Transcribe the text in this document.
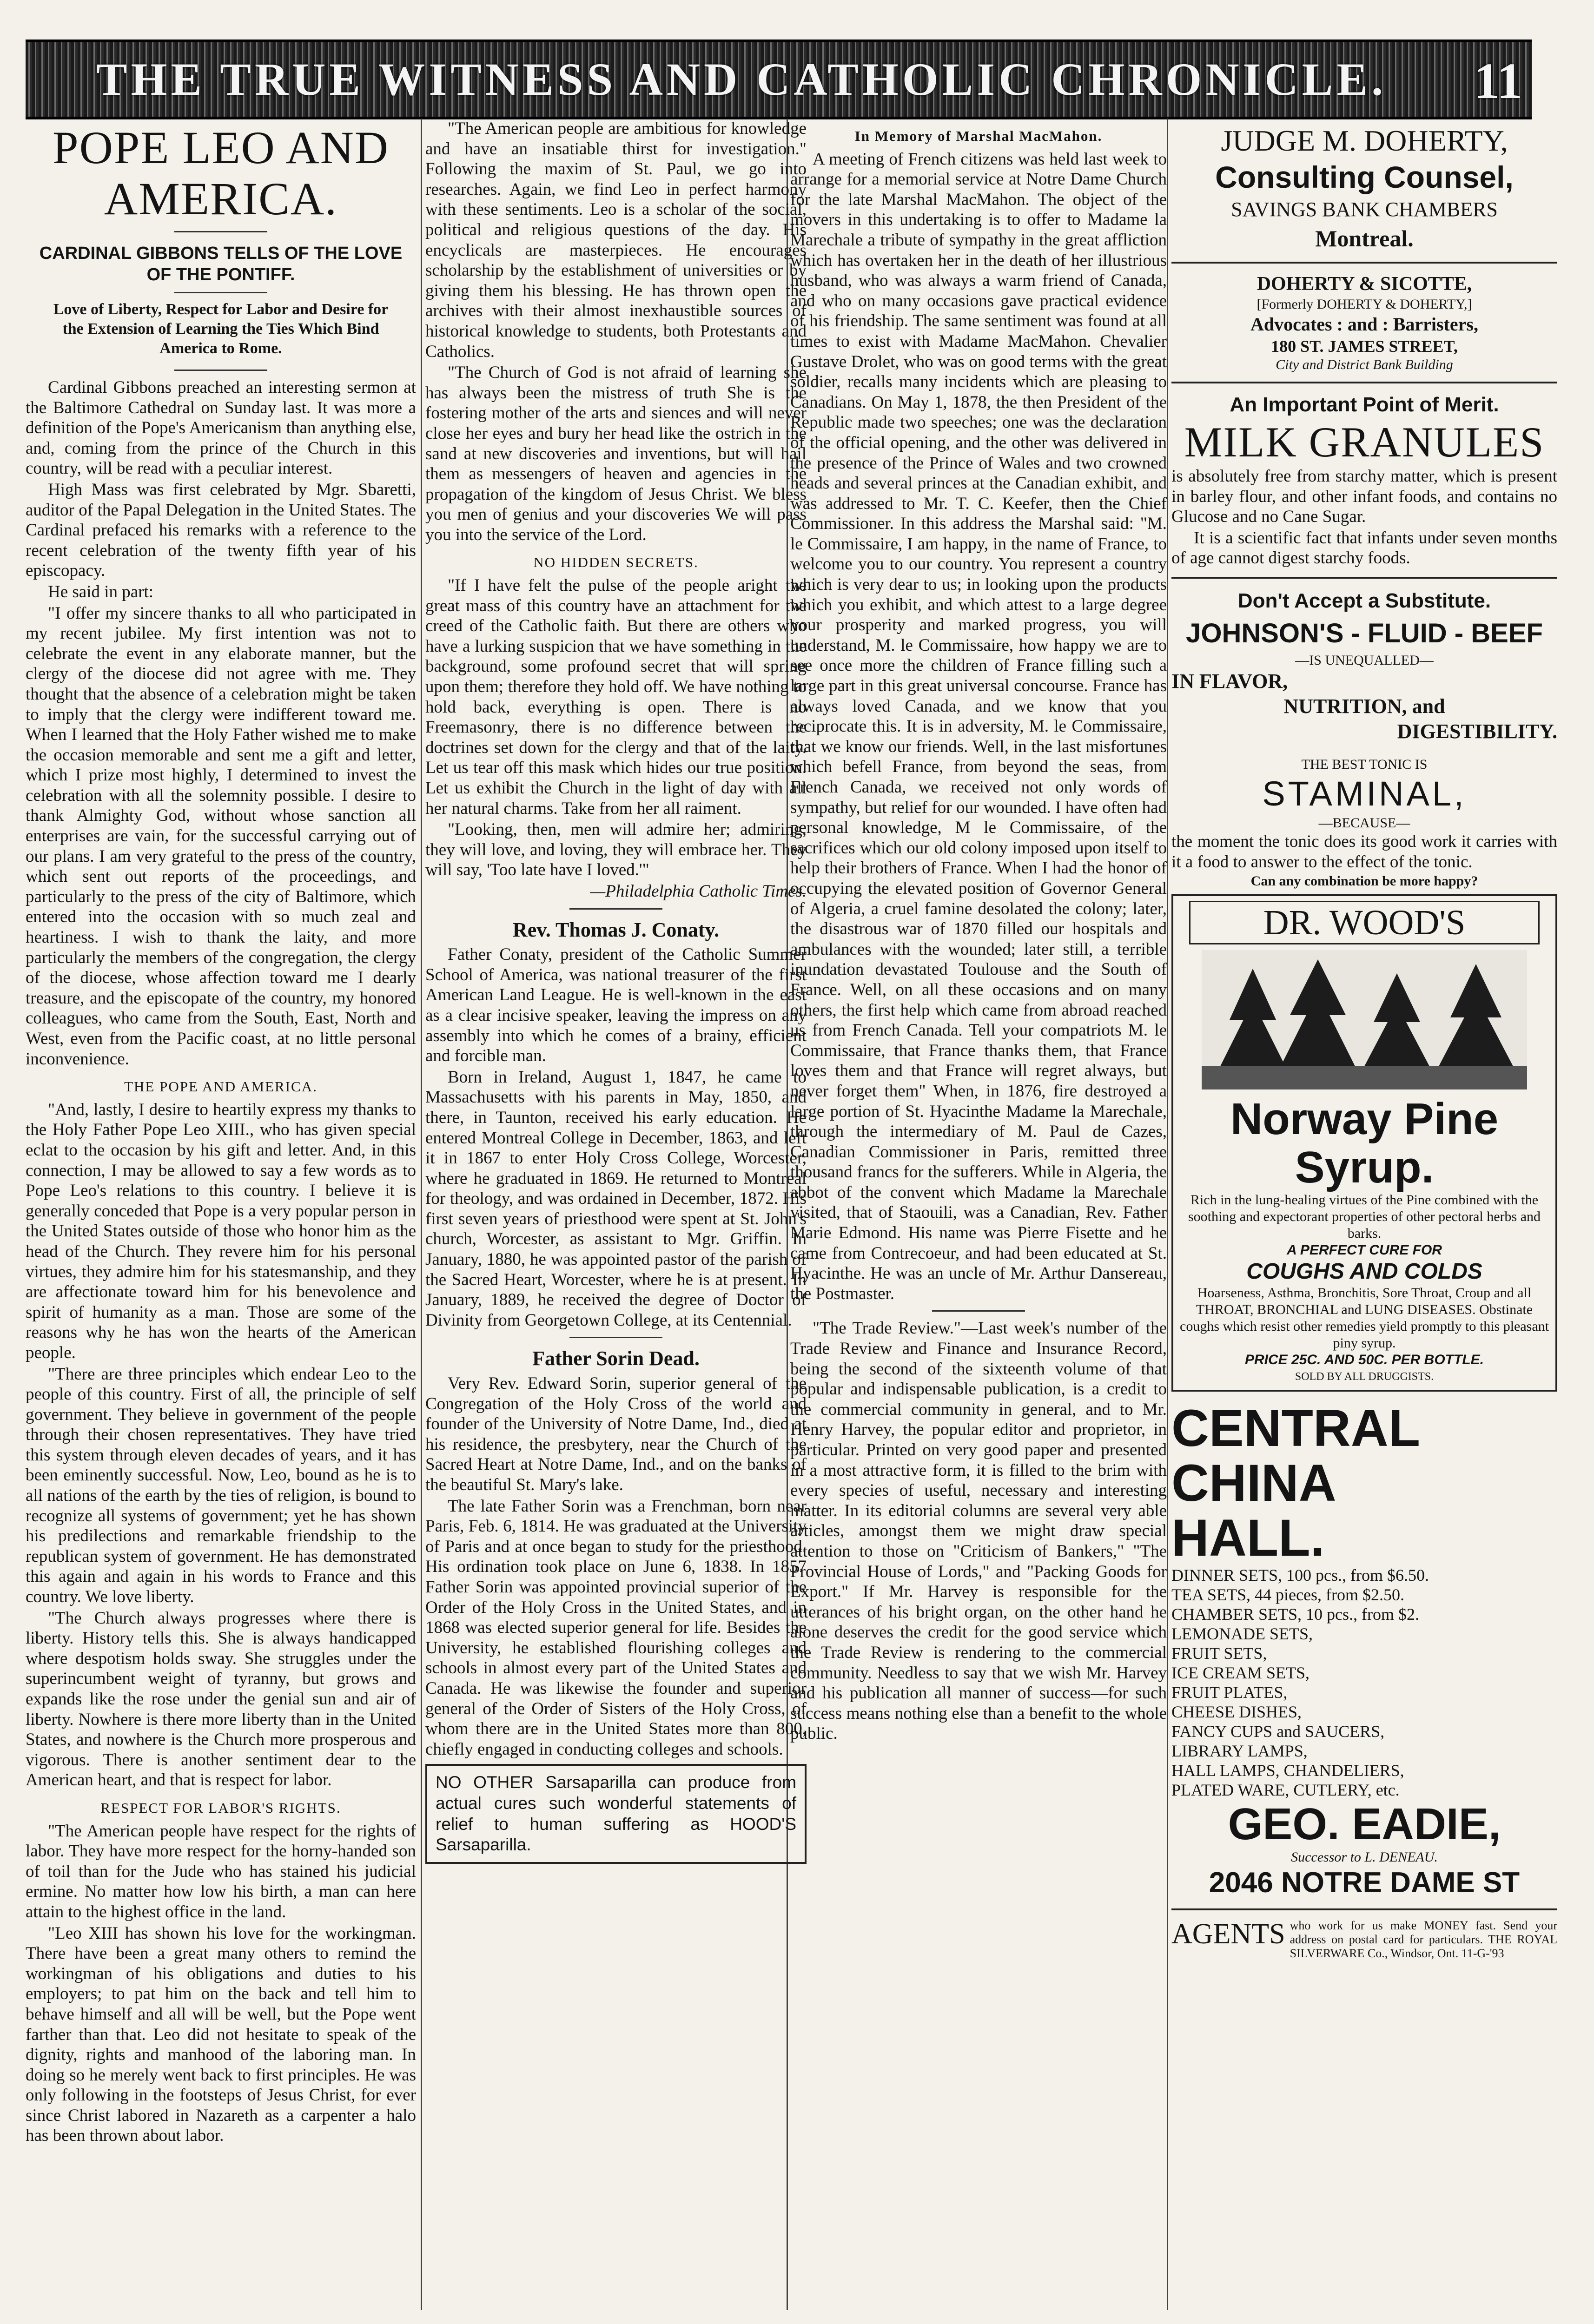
THE TRUE WITNESS AND CATHOLIC CHRONICLE.	11
POPE LEO AND AMERICA.
CARDINAL GIBBONS TELLS OF THE LOVE OF THE PONTIFF.
Love of Liberty, Respect for Labor and Desire for the Extension of Learning the Ties Which Bind America to Rome.

Cardinal Gibbons preached an interesting sermon at the Baltimore Cathedral on Sunday last. It was more a definition of the Pope's Americanism than anything else, and, coming from the prince of the Church in this country, will be read with a peculiar interest.

High Mass was first celebrated by Mgr. Sbaretti, auditor of the Papal Delegation in the United States. The Cardinal prefaced his remarks with a reference to the recent celebration of the twenty fifth year of his episcopacy.

He said in part:

"I offer my sincere thanks to all who participated in my recent jubilee. My first intention was not to celebrate the event in any elaborate manner, but the clergy of the diocese did not agree with me. They thought that the absence of a celebration might be taken to imply that the clergy were indifferent toward me. When I learned that the Holy Father wished me to make the occasion memorable and sent me a gift and letter, which I prize most highly, I determined to invest the celebration with all the solemnity possible. I desire to thank Almighty God, without whose sanction all enterprises are vain, for the successful carrying out of our plans. I am very grateful to the press of the country, which sent out reports of the proceedings, and particularly to the press of the city of Baltimore, which entered into the occasion with so much zeal and heartiness. I wish to thank the laity, and more particularly the members of the congregation, the clergy of the diocese, whose affection toward me I dearly treasure, and the episcopate of the country, my honored colleagues, who came from the South, East, North and West, even from the Pacific coast, at no little personal inconvenience.

THE POPE AND AMERICA.

"And, lastly, I desire to heartily express my thanks to the Holy Father Pope Leo XIII., who has given special eclat to the occasion by his gift and letter. And, in this connection, I may be allowed to say a few words as to Pope Leo's relations to this country. I believe it is generally conceded that Pope is a very popular person in the United States outside of those who honor him as the head of the Church. They revere him for his personal virtues, they admire him for his statesmanship, and they are affectionate toward him for his benevolence and spirit of humanity as a man. Those are some of the reasons why he has won the hearts of the American people.

"There are three principles which endear Leo to the people of this country. First of all, the principle of self government. They believe in government of the people through their chosen representatives. They have tried this system through eleven decades of years, and it has been eminently successful. Now, Leo, bound as he is to all nations of the earth by the ties of religion, is bound to recognize all systems of government; yet he has shown his predilections and remarkable friendship to the republican system of government. He has demonstrated this again and again in his words to France and this country. We love liberty.

"The Church always progresses where there is liberty. History tells this. She is always handicapped where despotism holds sway. She struggles under the superincumbent weight of tyranny, but grows and expands like the rose under the genial sun and air of liberty. Nowhere is there more liberty than in the United States, and nowhere is the Church more prosperous and vigorous. There is another sentiment dear to the American heart, and that is respect for labor.

RESPECT FOR LABOR'S RIGHTS.

"The American people have respect for the rights of labor. They have more respect for the horny-handed son of toil than for the Jude who has stained his judicial ermine. No matter how low his birth, a man can here attain to the highest office in the land.

"Leo XIII has shown his love for the workingman. There have been a great many others to remind the workingman of his obligations and duties to his employers; to pat him on the back and tell him to behave himself and all will be well, but the Pope went farther than that. Leo did not hesitate to speak of the dignity, rights and manhood of the laboring man. In doing so he merely went back to first principles. He was only following in the footsteps of Jesus Christ, for ever since Christ labored in Nazareth as a carpenter a halo has been thrown about labor.

"The American people are ambitious for knowledge and have an insatiable thirst for investigation." Following the maxim of St. Paul, we go into researches. Again, we find Leo in perfect harmony with these sentiments. Leo is a scholar of the social, political and religious questions of the day. His encyclicals are masterpieces. He encourages scholarship by the establishment of universities or by giving them his blessing. He has thrown open the archives with their almost inexhaustible sources of historical knowledge to students, both Protestants and Catholics.

"The Church of God is not afraid of learning she has always been the mistress of truth She is the fostering mother of the arts and siences and will never close her eyes and bury her head like the ostrich in the sand at new discoveries and inventions, but will hail them as messengers of heaven and agencies in the propagation of the kingdom of Jesus Christ. We bless you men of genius and your discoveries We will pass you into the service of the Lord.

NO HIDDEN SECRETS.

"If I have felt the pulse of the people aright the great mass of this country have an attachment for the creed of the Catholic faith. But there are others who have a lurking suspicion that we have something in the background, some profound secret that will spring upon them; therefore they hold off. We have nothing to hold back, everything is open. There is no Freemasonry, there is no difference between the doctrines set down for the clergy and that of the laity. Let us tear off this mask which hides our true position. Let us exhibit the Church in the light of day with all her natural charms. Take from her all raiment.

"Looking, then, men will admire her; admiring, they will love, and loving, they will embrace her. They will say, 'Too late have I loved.'"

—Philadelphia Catholic Times.

Rev. Thomas J. Conaty.

Father Conaty, president of the Catholic Summer School of America, was national treasurer of the first American Land League. He is well-known in the east as a clear incisive speaker, leaving the impress on any assembly into which he comes of a brainy, efficient and forcible man.

Born in Ireland, August 1, 1847, he came to Massachusetts with his parents in May, 1850, and there, in Taunton, received his early education. He entered Montreal College in December, 1863, and left it in 1867 to enter Holy Cross College, Worcester, where he graduated in 1869. He returned to Montreal for theology, and was ordained in December, 1872. His first seven years of priesthood were spent at St. John's church, Worcester, as assistant to Mgr. Griffin. In January, 1880, he was appointed pastor of the parish of the Sacred Heart, Worcester, where he is at present. In January, 1889, he received the degree of Doctor of Divinity from Georgetown College, at its Centennial.

Father Sorin Dead.

Very Rev. Edward Sorin, superior general of the Congregation of the Holy Cross of the world and founder of the University of Notre Dame, Ind., died at his residence, the presbytery, near the Church of the Sacred Heart at Notre Dame, Ind., and on the banks of the beautiful St. Mary's lake.

The late Father Sorin was a Frenchman, born near Paris, Feb. 6, 1814. He was graduated at the University of Paris and at once began to study for the priesthood. His ordination took place on June 6, 1838. In 1857 Father Sorin was appointed provincial superior of the Order of the Holy Cross in the United States, and in 1868 was elected superior general for life. Besides the University, he established flourishing colleges and schools in almost every part of the United States and Canada. He was likewise the founder and superior general of the Order of Sisters of the Holy Cross, of whom there are in the United States more than 800, chiefly engaged in conducting colleges and schools.

NO OTHER Sarsaparilla can produce from actual cures such wonderful statements of relief to human suffering as HOOD'S Sarsaparilla.
In Memory of Marshal MacMahon.

A meeting of French citizens was held last week to arrange for a memorial service at Notre Dame Church for the late Marshal MacMahon. The object of the movers in this undertaking is to offer to Madame la Marechale a tribute of sympathy in the great affliction which has overtaken her in the death of her illustrious husband, who was always a warm friend of Canada, and who on many occasions gave practical evidence of his friendship. The same sentiment was found at all times to exist with Madame MacMahon. Chevalier Gustave Drolet, who was on good terms with the great soldier, recalls many incidents which are pleasing to Canadians. On May 1, 1878, the then President of the Republic made two speeches; one was the declaration of the official opening, and the other was delivered in the presence of the Prince of Wales and two crowned heads and several princes at the Canadian exhibit, and was addressed to Mr. T. C. Keefer, then the Chief Commissioner. In this address the Marshal said: "M. le Commissaire, I am happy, in the name of France, to welcome you to our country. You represent a country which is very dear to us; in looking upon the products which you exhibit, and which attest to a large degree your prosperity and marked progress, you will understand, M. le Commissaire, how happy we are to see once more the children of France filling such a large part in this great universal concourse. France has always loved Canada, and we know that you reciprocate this. It is in adversity, M. le Commissaire, that we know our friends. Well, in the last misfortunes which befell France, from beyond the seas, from French Canada, we received not only words of sympathy, but relief for our wounded. I have often had personal knowledge, M le Commissaire, of the sacrifices which our old colony imposed upon itself to help their brothers of France. When I had the honor of occupying the elevated position of Governor General of Algeria, a cruel famine desolated the colony; later, the disastrous war of 1870 filled our hospitals and ambulances with the wounded; later still, a terrible inundation devastated Toulouse and the South of France. Well, on all these occasions and on many others, the first help which came from abroad reached us from French Canada. Tell your compatriots M. le Commissaire, that France thanks them, that France loves them and that France will regret always, but never forget them" When, in 1876, fire destroyed a large portion of St. Hyacinthe Madame la Marechale, through the intermediary of M. Paul de Cazes, Canadian Commissioner in Paris, remitted three thousand francs for the sufferers. While in Algeria, the abbot of the convent which Madame la Marechale visited, that of Staouili, was a Canadian, Rev. Father Marie Edmond. His name was Pierre Fisette and he came from Contrecoeur, and had been educated at St. Hyacinthe. He was an uncle of Mr. Arthur Dansereau, the Postmaster.

"The Trade Review."—Last week's number of the Trade Review and Finance and Insurance Record, being the second of the sixteenth volume of that popular and indispensable publication, is a credit to the commercial community in general, and to Mr. Henry Harvey, the popular editor and proprietor, in particular. Printed on very good paper and presented in a most attractive form, it is filled to the brim with every species of useful, necessary and interesting matter. In its editorial columns are several very able articles, amongst them we might draw special attention to those on "Criticism of Bankers," "The Provincial House of Lords," and "Packing Goods for Export." If Mr. Harvey is responsible for the utterances of his bright organ, on the other hand he alone deserves the credit for the good service which the Trade Review is rendering to the commercial community. Needless to say that we wish Mr. Harvey and his publication all manner of success—for such success means nothing else than a benefit to the whole public.

JUDGE M. DOHERTY,
Consulting Counsel,
SAVINGS BANK CHAMBERS
Montreal.
DOHERTY & SICOTTE,
[Formerly DOHERTY & DOHERTY,]
Advocates : and : Barristers,
180 ST. JAMES STREET,
City and District Bank Building
An Important Point of Merit.
MILK GRANULES

is absolutely free from starchy matter, which is present in barley flour, and other infant foods, and contains no Glucose and no Cane Sugar.

It is a scientific fact that infants under seven months of age cannot digest starchy foods.

Don't Accept a Substitute.
JOHNSON'S - FLUID - BEEF
—IS UNEQUALLED—
IN FLAVOR,
NUTRITION, and
DIGESTIBILITY.
THE BEST TONIC IS
STAMINAL,
—BECAUSE—

the moment the tonic does its good work it carries with it a food to answer to the effect of the tonic.

Can any combination be more happy?
DR. WOOD'S
Norway Pine
Syrup.
Rich in the lung-healing virtues of the Pine combined with the soothing and expectorant properties of other pectoral herbs and barks.
A PERFECT CURE FOR
COUGHS AND COLDS
Hoarseness, Asthma, Bronchitis, Sore Throat, Croup and all THROAT, BRONCHIAL and LUNG DISEASES. Obstinate coughs which resist other remedies yield promptly to this pleasant piny syrup.
PRICE 25C. AND 50C. PER BOTTLE.
SOLD BY ALL DRUGGISTS.
CENTRAL
CHINA
HALL.
DINNER SETS, 100 pcs., from $6.50.
TEA SETS, 44 pieces, from $2.50.
CHAMBER SETS, 10 pcs., from $2.
LEMONADE SETS,
FRUIT SETS,
ICE CREAM SETS,
FRUIT PLATES,
CHEESE DISHES,
FANCY CUPS and SAUCERS,
LIBRARY LAMPS,
HALL LAMPS, CHANDELIERS,
PLATED WARE, CUTLERY, etc.
GEO. EADIE,
Successor to L. DENEAU.
2046 NOTRE DAME ST
AGENTS who work for us make MONEY fast. Send your address on postal card for particulars. THE ROYAL SILVERWARE Co., Windsor, Ont. 11-G-'93
